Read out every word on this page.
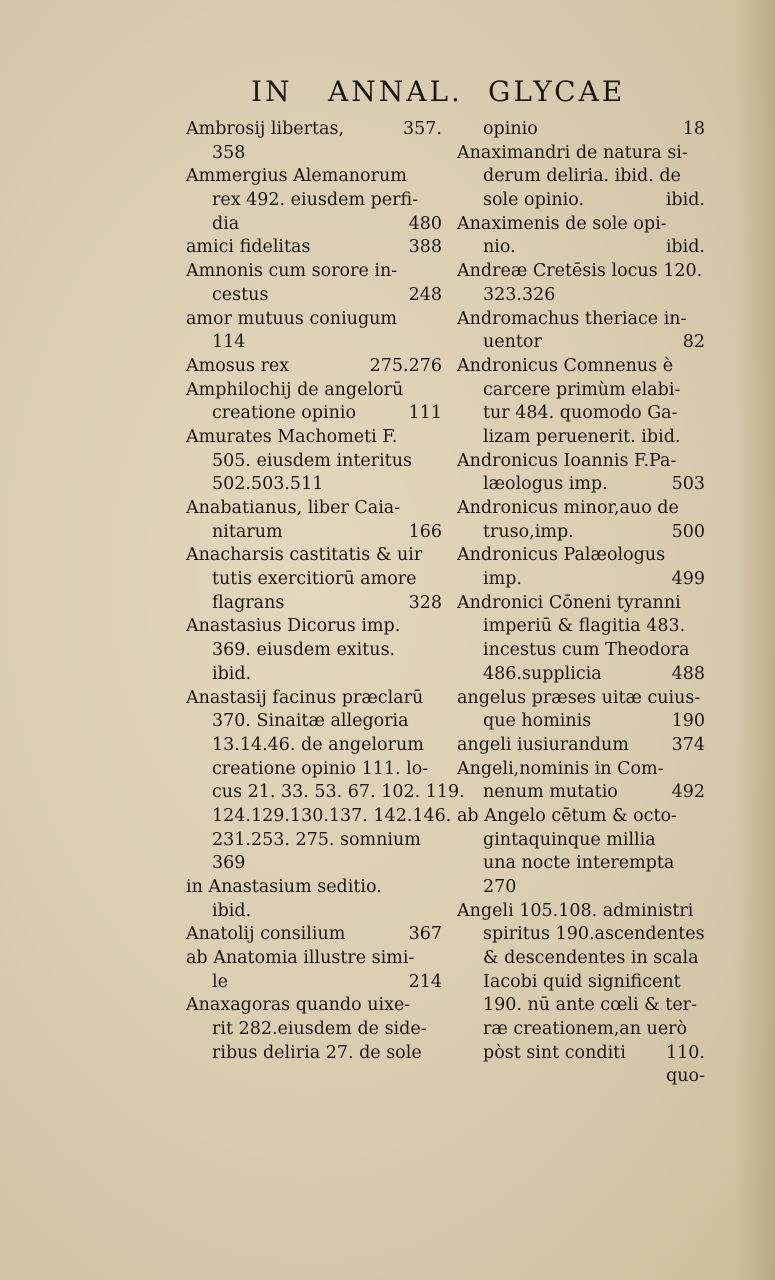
IN ANNAL. GLYCAE
Ambrosij libertas,	357.
358
Ammergius Alemanorum
rex 492. eiusdem perfi-
dia	480
amici fidelitas	388
Amnonis cum sorore in-
cestus	248
amor mutuus coniugum
114
Amosus rex	275.276
Amphilochij de angelorū
creatione opinio	111
Amurates Machometi F.
505. eiusdem interitus
502.503.511
Anabatianus, liber Caia-
nitarum	166
Anacharsis castitatis & uir
tutis exercitiorū amore
flagrans	328
Anastasius Dicorus imp.
369. eiusdem exitus.
ibid.
Anastasij facinus præclarū
370. Sinaitæ allegoria
13.14.46. de angelorum
creatione opinio 111. lo-
cus 21. 33. 53. 67. 102. 119.
124.129.130.137. 142.146.
231.253. 275. somnium
369
in Anastasium seditio.
ibid.
Anatolij consilium	367
ab Anatomia illustre simi-
le	214
Anaxagoras quando uixe-
rit 282.eiusdem de side-
ribus deliria 27. de sole
opinio	18
Anaximandri de natura si-
derum deliria. ibid. de
sole opinio.	ibid.
Anaximenis de sole opi-
nio.	ibid.
Andreæ Cretēsis locus 120.
323.326
Andromachus theriace in-
uentor	82
Andronicus Comnenus è
carcere primùm elabi-
tur 484. quomodo Ga-
lizam peruenerit. ibid.
Andronicus Ioannis F.Pa-
læologus imp.	503
Andronicus minor,auo de
truso,imp.	500
Andronicus Palæologus
imp.	499
Andronici Cōneni tyranni
imperiū & flagitia 483.
incestus cum Theodora
486.supplicia	488
angelus præses uitæ cuius-
que hominis	190
angeli iusiurandum 374
Angeli,nominis in Com-
nenum mutatio	492
ab Angelo cētum & octo-
gintaquinque millia
una nocte interempta
270
Angeli 105.108. administri
spiritus 190.ascendentes
& descendentes in scala
Iacobi quid significent
190. nū ante cœli & ter-
ræ creationem,an uerò
pòst sint conditi 110.
quo-
